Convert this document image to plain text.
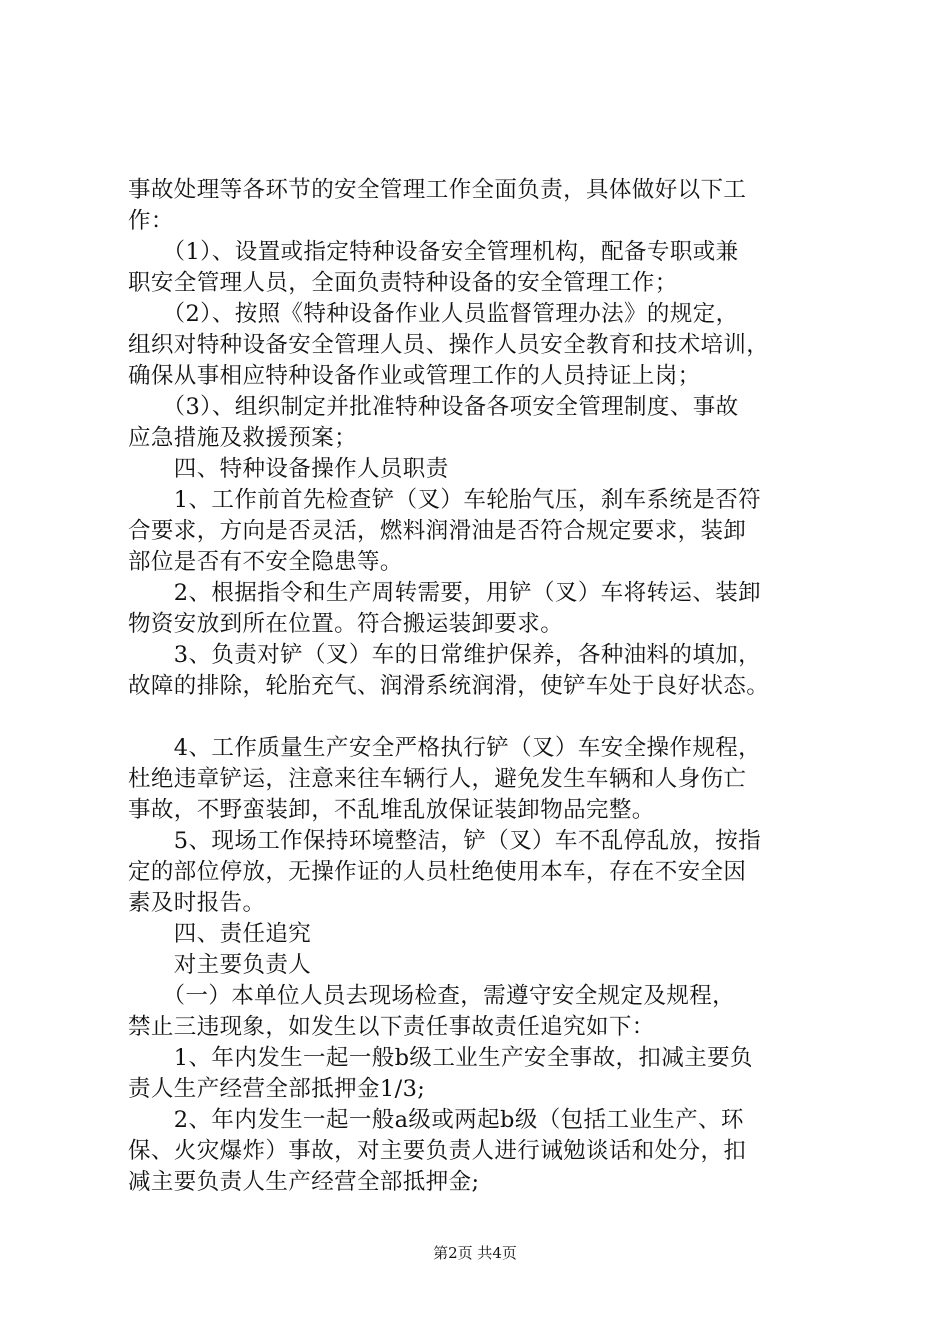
事故处理等各环节的安全管理工作全面负责，具体做好以下工
作：
　　（1）、设置或指定特种设备安全管理机构，配备专职或兼
职安全管理人员，全面负责特种设备的安全管理工作；
　　（2）、按照《特种设备作业人员监督管理办法》的规定，
组织对特种设备安全管理人员、操作人员安全教育和技术培训，
确保从事相应特种设备作业或管理工作的人员持证上岗；
　　（3）、组织制定并批准特种设备各项安全管理制度、事故
应急措施及救援预案；
　　四、特种设备操作人员职责
　　1、工作前首先检查铲（叉）车轮胎气压，刹车系统是否符
合要求，方向是否灵活，燃料润滑油是否符合规定要求，装卸
部位是否有不安全隐患等。
　　2、根据指令和生产周转需要，用铲（叉）车将转运、装卸
物资安放到所在位置。符合搬运装卸要求。
　　3、负责对铲（叉）车的日常维护保养，各种油料的填加，
故障的排除，轮胎充气、润滑系统润滑，使铲车处于良好状态。
　　4、工作质量生产安全严格执行铲（叉）车安全操作规程，
杜绝违章铲运，注意来往车辆行人，避免发生车辆和人身伤亡
事故，不野蛮装卸，不乱堆乱放保证装卸物品完整。
　　5、现场工作保持环境整洁，铲（叉）车不乱停乱放，按指
定的部位停放，无操作证的人员杜绝使用本车，存在不安全因
素及时报告。
　　四、责任追究
　　对主要负责人
　　（一）本单位人员去现场检查，需遵守安全规定及规程，
禁止三违现象，如发生以下责任事故责任追究如下：
　　1、年内发生一起一般b级工业生产安全事故，扣减主要负
责人生产经营全部抵押金1/3;
　　2、年内发生一起一般a级或两起b级（包括工业生产、环
保、火灾爆炸）事故，对主要负责人进行诫勉谈话和处分，扣
减主要负责人生产经营全部抵押金;
第2页 共4页
